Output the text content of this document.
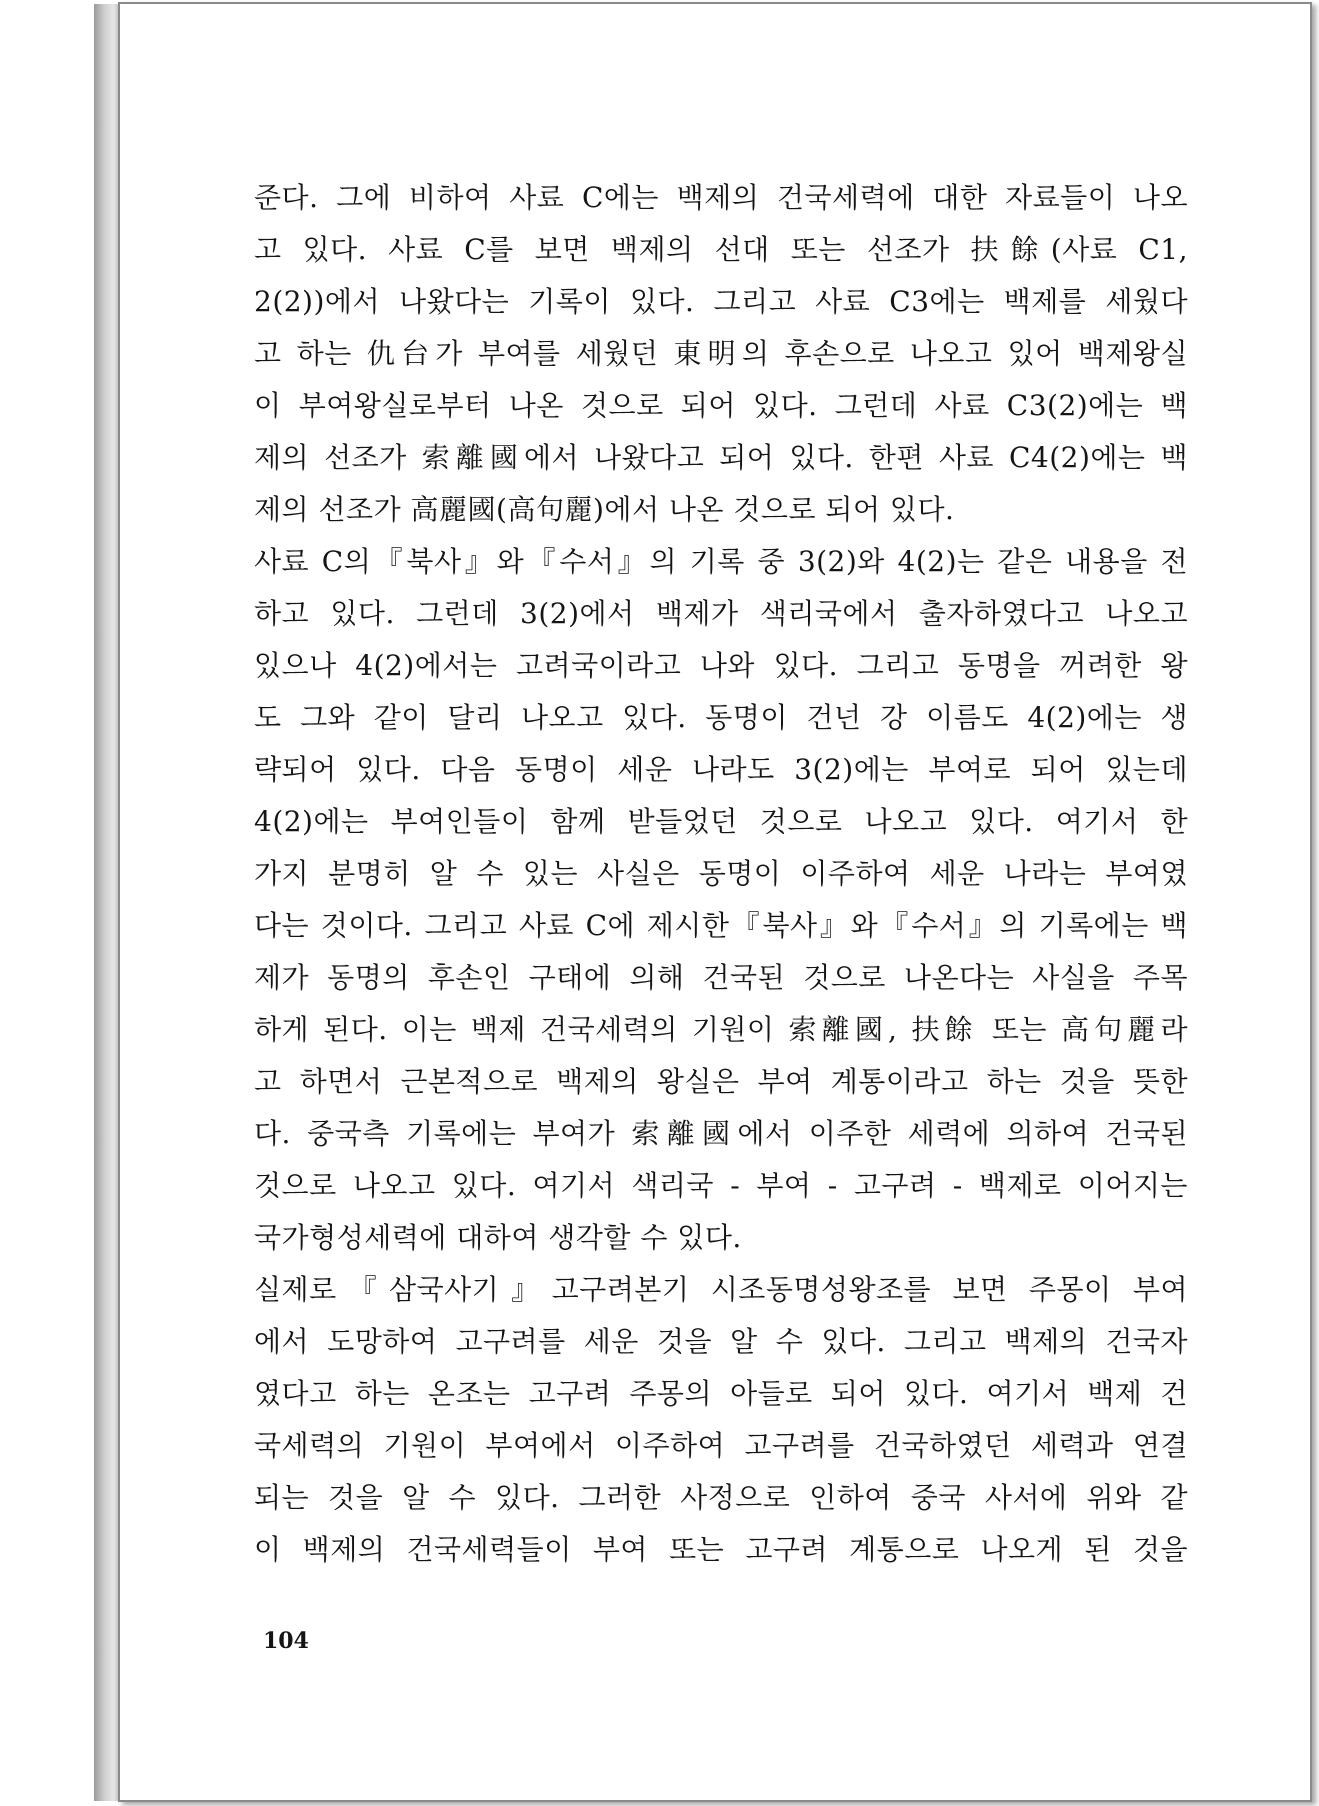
준다. 그에 비하여 사료 C에는 백제의 건국세력에 대한 자료들이 나오
고 있다. 사료 C를 보면 백제의 선대 또는 선조가 扶餘(사료 C1,
2(2))에서 나왔다는 기록이 있다. 그리고 사료 C3에는 백제를 세웠다
고 하는 仇台가 부여를 세웠던 東明의 후손으로 나오고 있어 백제왕실
이 부여왕실로부터 나온 것으로 되어 있다. 그런데 사료 C3(2)에는 백
제의 선조가 索離國에서 나왔다고 되어 있다. 한편 사료 C4(2)에는 백
제의 선조가 高麗國(高句麗)에서 나온 것으로 되어 있다.
사료 C의『북사』와『수서』의 기록 중 3(2)와 4(2)는 같은 내용을 전
하고 있다. 그런데 3(2)에서 백제가 색리국에서 출자하였다고 나오고
있으나 4(2)에서는 고려국이라고 나와 있다. 그리고 동명을 꺼려한 왕
도 그와 같이 달리 나오고 있다. 동명이 건넌 강 이름도 4(2)에는 생
략되어 있다. 다음 동명이 세운 나라도 3(2)에는 부여로 되어 있는데
4(2)에는 부여인들이 함께 받들었던 것으로 나오고 있다. 여기서 한
가지 분명히 알 수 있는 사실은 동명이 이주하여 세운 나라는 부여였
다는 것이다. 그리고 사료 C에 제시한『북사』와『수서』의 기록에는 백
제가 동명의 후손인 구태에 의해 건국된 것으로 나온다는 사실을 주목
하게 된다. 이는 백제 건국세력의 기원이 索離國, 扶餘 또는 高句麗라
고 하면서 근본적으로 백제의 왕실은 부여 계통이라고 하는 것을 뜻한
다. 중국측 기록에는 부여가 索離國에서 이주한 세력에 의하여 건국된
것으로 나오고 있다. 여기서 색리국 - 부여 - 고구려 - 백제로 이어지는
국가형성세력에 대하여 생각할 수 있다.
실제로『삼국사기』고구려본기 시조동명성왕조를 보면 주몽이 부여
에서 도망하여 고구려를 세운 것을 알 수 있다. 그리고 백제의 건국자
였다고 하는 온조는 고구려 주몽의 아들로 되어 있다. 여기서 백제 건
국세력의 기원이 부여에서 이주하여 고구려를 건국하였던 세력과 연결
되는 것을 알 수 있다. 그러한 사정으로 인하여 중국 사서에 위와 같
이 백제의 건국세력들이 부여 또는 고구려 계통으로 나오게 된 것을
104
